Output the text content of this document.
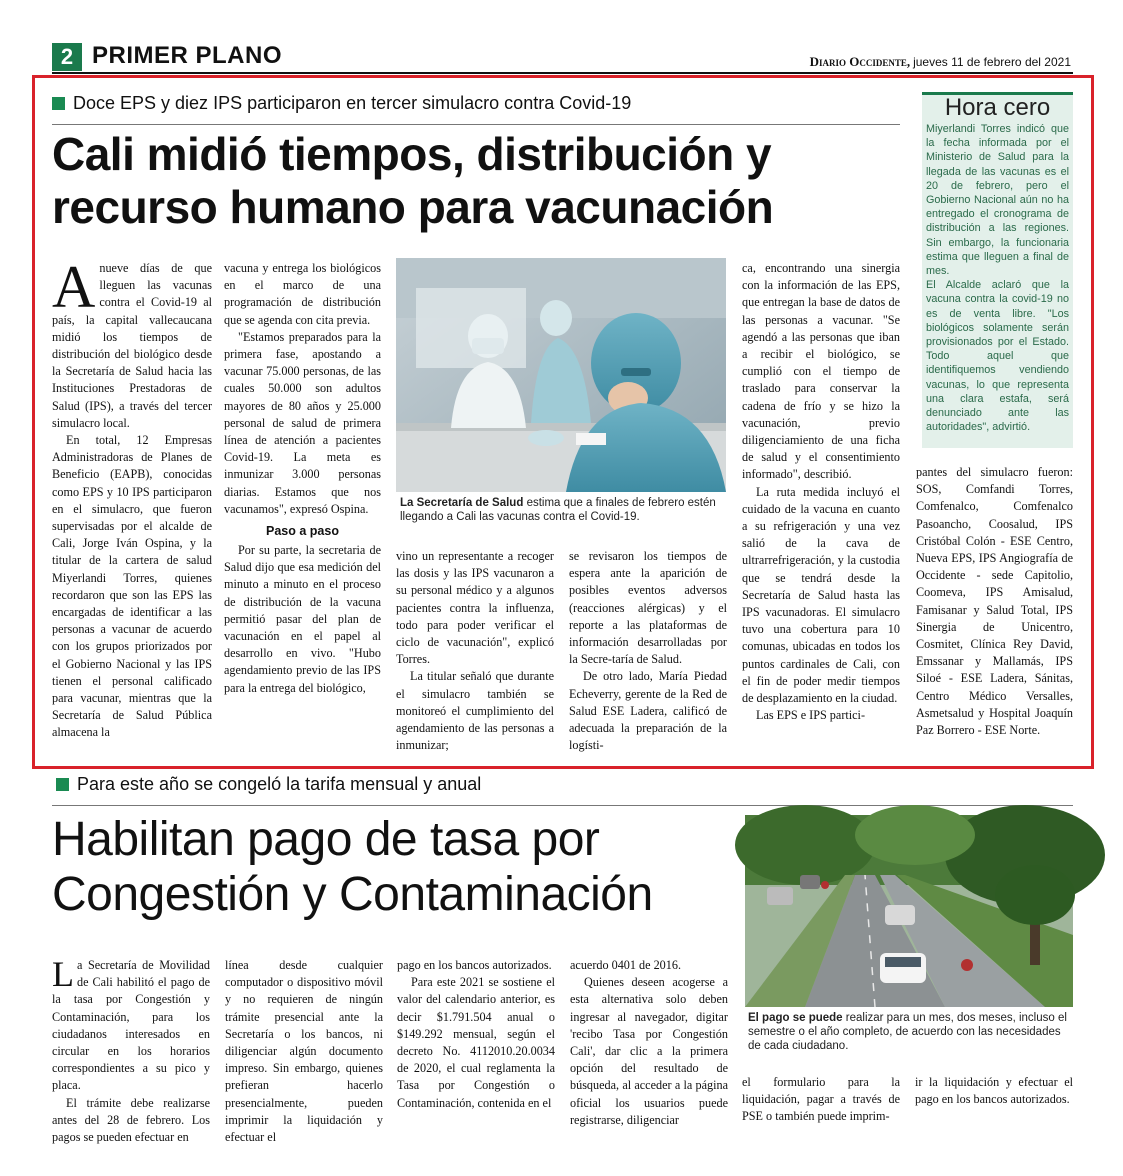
2 PRIMER PLANO	Diario Occidente, jueves 11 de febrero del 2021
Doce EPS y diez IPS participaron en tercer simulacro contra Covid-19
Cali midió tiempos, distribución y
recurso humano para vacunación
A nueve días de que lleguen las vacunas contra el Covid-19 al país, la capital vallecaucana midió los tiempos de distribución del biológico desde la Secretaría de Salud hacia las Instituciones Prestadoras de Salud (IPS), a través del tercer simulacro local.

En total, 12 Empresas Administradoras de Planes de Beneficio (EAPB), conocidas como EPS y 10 IPS participaron en el simulacro, que fueron supervisadas por el alcalde de Cali, Jorge Iván Ospina, y la titular de la cartera de salud Miyerlandi Torres, quienes recordaron que son las EPS las encargadas de identificar a las personas a vacunar de acuerdo con los grupos priorizados por el Gobierno Nacional y las IPS tienen el personal calificado para vacunar, mientras que la Secretaría de Salud Pública almacena la

vacuna y entrega los biológicos en el marco de una programación de distribución que se agenda con cita previa.

"Estamos preparados para la primera fase, apostando a vacunar 75.000 personas, de las cuales 50.000 son adultos mayores de 80 años y 25.000 personal de salud de primera línea de atención a pacientes Covid-19. La meta es inmunizar 3.000 personas diarias. Estamos que nos vacunamos", expresó Ospina.

Paso a paso

Por su parte, la secretaria de Salud dijo que esa medición del minuto a minuto en el proceso de distribución de la vacuna permitió pasar del plan de vacunación en el papel al desarrollo en vivo. "Hubo agendamiento previo de las IPS para la entrega del biológico,

La Secretaría de Salud estima que a finales de febrero estén llegando a Cali las vacunas contra el Covid-19.

vino un representante a recoger las dosis y las IPS vacunaron a su personal médico y a algunos pacientes contra la influenza, todo para poder verificar el ciclo de vacunación", explicó Torres.

La titular señaló que durante el simulacro también se monitoreó el cumplimiento del agendamiento de las personas a inmunizar;

se revisaron los tiempos de espera ante la aparición de posibles eventos adversos (reacciones alérgicas) y el reporte a las plataformas de información desarrolladas por la Secre-taría de Salud.

De otro lado, María Piedad Echeverry, gerente de la Red de Salud ESE Ladera, calificó de adecuada la preparación de la logísti-

ca, encontrando una sinergia con la información de las EPS, que entregan la base de datos de las personas a vacunar. "Se agendó a las personas que iban a recibir el biológico, se cumplió con el tiempo de traslado para conservar la cadena de frío y se hizo la vacunación, previo diligenciamiento de una ficha de salud y el consentimiento informado", describió.

La ruta medida incluyó el cuidado de la vacuna en cuanto a su refrigeración y una vez salió de la cava de ultrarrefrigeración, y la custodia que se tendrá desde la Secretaría de Salud hasta las IPS vacunadoras. El simulacro tuvo una cobertura para 10 comunas, ubicadas en todos los puntos cardinales de Cali, con el fin de poder medir tiempos de desplazamiento en la ciudad.

Las EPS e IPS partici-

Hora cero

Miyerlandi Torres indicó que la fecha informada por el Ministerio de Salud para la llegada de las vacunas es el 20 de febrero, pero el Gobierno Nacional aún no ha entregado el cronograma de distribución a las regiones. Sin embargo, la funcionaria estima que lleguen a final de mes.

El Alcalde aclaró que la vacuna contra la covid-19 no es de venta libre. "Los biológicos solamente serán provisionados por el Estado. Todo aquel que identifiquemos vendiendo vacunas, lo que representa una clara estafa, será denunciado ante las autoridades", advirtió.

pantes del simulacro fueron: SOS, Comfandi Torres, Comfenalco, Comfenalco Pasoancho, Coosalud, IPS Cristóbal Colón - ESE Centro, Nueva EPS, IPS Angiografía de Occidente - sede Capitolio, Coomeva, IPS Amisalud, Famisanar y Salud Total, IPS Sinergia de Unicentro, Cosmitet, Clínica Rey David, Emssanar y Mallamás, IPS Siloé - ESE Ladera, Sánitas, Centro Médico Versalles, Asmetsalud y Hospital Joaquín Paz Borrero - ESE Norte.

Para este año se congeló la tarifa mensual y anual
Habilitan pago de tasa por
Congestión y Contaminación
L a Secretaría de Movilidad de Cali habilitó el pago de la tasa por Congestión y Contaminación, para los ciudadanos interesados en circular en los horarios correspondientes a su pico y placa.

El trámite debe realizarse antes del 28 de febrero. Los pagos se pueden efectuar en

línea desde cualquier computador o dispositivo móvil y no requieren de ningún trámite presencial ante la Secretaría o los bancos, ni diligenciar algún documento impreso. Sin embargo, quienes prefieran hacerlo presencialmente, pueden imprimir la liquidación y efectuar el

pago en los bancos autorizados.

Para este 2021 se sostiene el valor del calendario anterior, es decir $1.791.504 anual o $149.292 mensual, según el decreto No. 4112010.20.0034 de 2020, el cual reglamenta la Tasa por Congestión o Contaminación, contenida en el

acuerdo 0401 de 2016.

Quienes deseen acogerse a esta alternativa solo deben ingresar al navegador, digitar 'recibo Tasa por Congestión Cali', dar clic a la primera opción del resultado de búsqueda, al acceder a la página oficial los usuarios puede registrarse, diligenciar

El pago se puede realizar para un mes, dos meses, incluso el semestre o el año completo, de acuerdo con las necesidades de cada ciudadano.

el formulario para la liquidación, pagar a través de PSE o también puede imprim-

ir la liquidación y efectuar el pago en los bancos autorizados.
